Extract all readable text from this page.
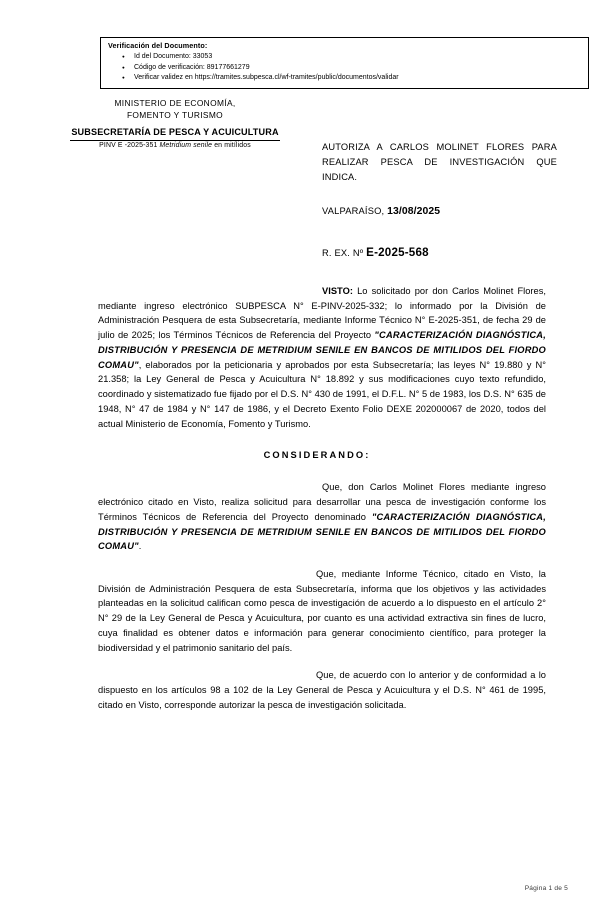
Verificación del Documento:
● Id del Documento: 33053
● Código de verificación: 89177661279
● Verificar validez en https://tramites.subpesca.cl/wf-tramites/public/documentos/validar
MINISTERIO DE ECONOMÍA,
FOMENTO Y TURISMO
SUBSECRETARÍA DE PESCA Y ACUICULTURA
PINV E -2025-351 Metridium senile en mitílidos	AUTORIZA A CARLOS MOLINET FLORES PARA REALIZAR PESCA DE INVESTIGACIÓN QUE INDICA.
VALPARAÍSO, 13/08/2025
R. EX. Nº E-2025-568

VISTO: Lo solicitado por don Carlos Molinet Flores, mediante ingreso electrónico SUBPESCA N° E-PINV-2025-332; lo informado por la División de Administración Pesquera de esta Subsecretaría, mediante Informe Técnico N° E-2025-351, de fecha 29 de julio de 2025; los Términos Técnicos de Referencia del Proyecto "CARACTERIZACIÓN DIAGNÓSTICA, DISTRIBUCIÓN Y PRESENCIA DE METRIDIUM SENILE EN BANCOS DE MITILIDOS DEL FIORDO COMAU", elaborados por la peticionaria y aprobados por esta Subsecretaría; las leyes N° 19.880 y N° 21.358; la Ley General de Pesca y Acuicultura N° 18.892 y sus modificaciones cuyo texto refundido, coordinado y sistematizado fue fijado por el D.S. N° 430 de 1991, el D.F.L. N° 5 de 1983, los D.S. N° 635 de 1948, N° 47 de 1984 y N° 147 de 1986, y el Decreto Exento Folio DEXE 202000067 de 2020, todos del actual Ministerio de Economía, Fomento y Turismo.

CONSIDERANDO:

Que, don Carlos Molinet Flores mediante ingreso electrónico citado en Visto, realiza solicitud para desarrollar una pesca de investigación conforme los Términos Técnicos de Referencia del Proyecto denominado "CARACTERIZACIÓN DIAGNÓSTICA, DISTRIBUCIÓN Y PRESENCIA DE METRIDIUM SENILE EN BANCOS DE MITILIDOS DEL FIORDO COMAU".

Que, mediante Informe Técnico, citado en Visto, la División de Administración Pesquera de esta Subsecretaría, informa que los objetivos y las actividades planteadas en la solicitud califican como pesca de investigación de acuerdo a lo dispuesto en el artículo 2° N° 29 de la Ley General de Pesca y Acuicultura, por cuanto es una actividad extractiva sin fines de lucro, cuya finalidad es obtener datos e información para generar conocimiento científico, para proteger la biodiversidad y el patrimonio sanitario del país.

Que, de acuerdo con lo anterior y de conformidad a lo dispuesto en los artículos 98 a 102 de la Ley General de Pesca y Acuicultura y el D.S. N° 461 de 1995, citado en Visto, corresponde autorizar la pesca de investigación solicitada.

Página 1 de 5
